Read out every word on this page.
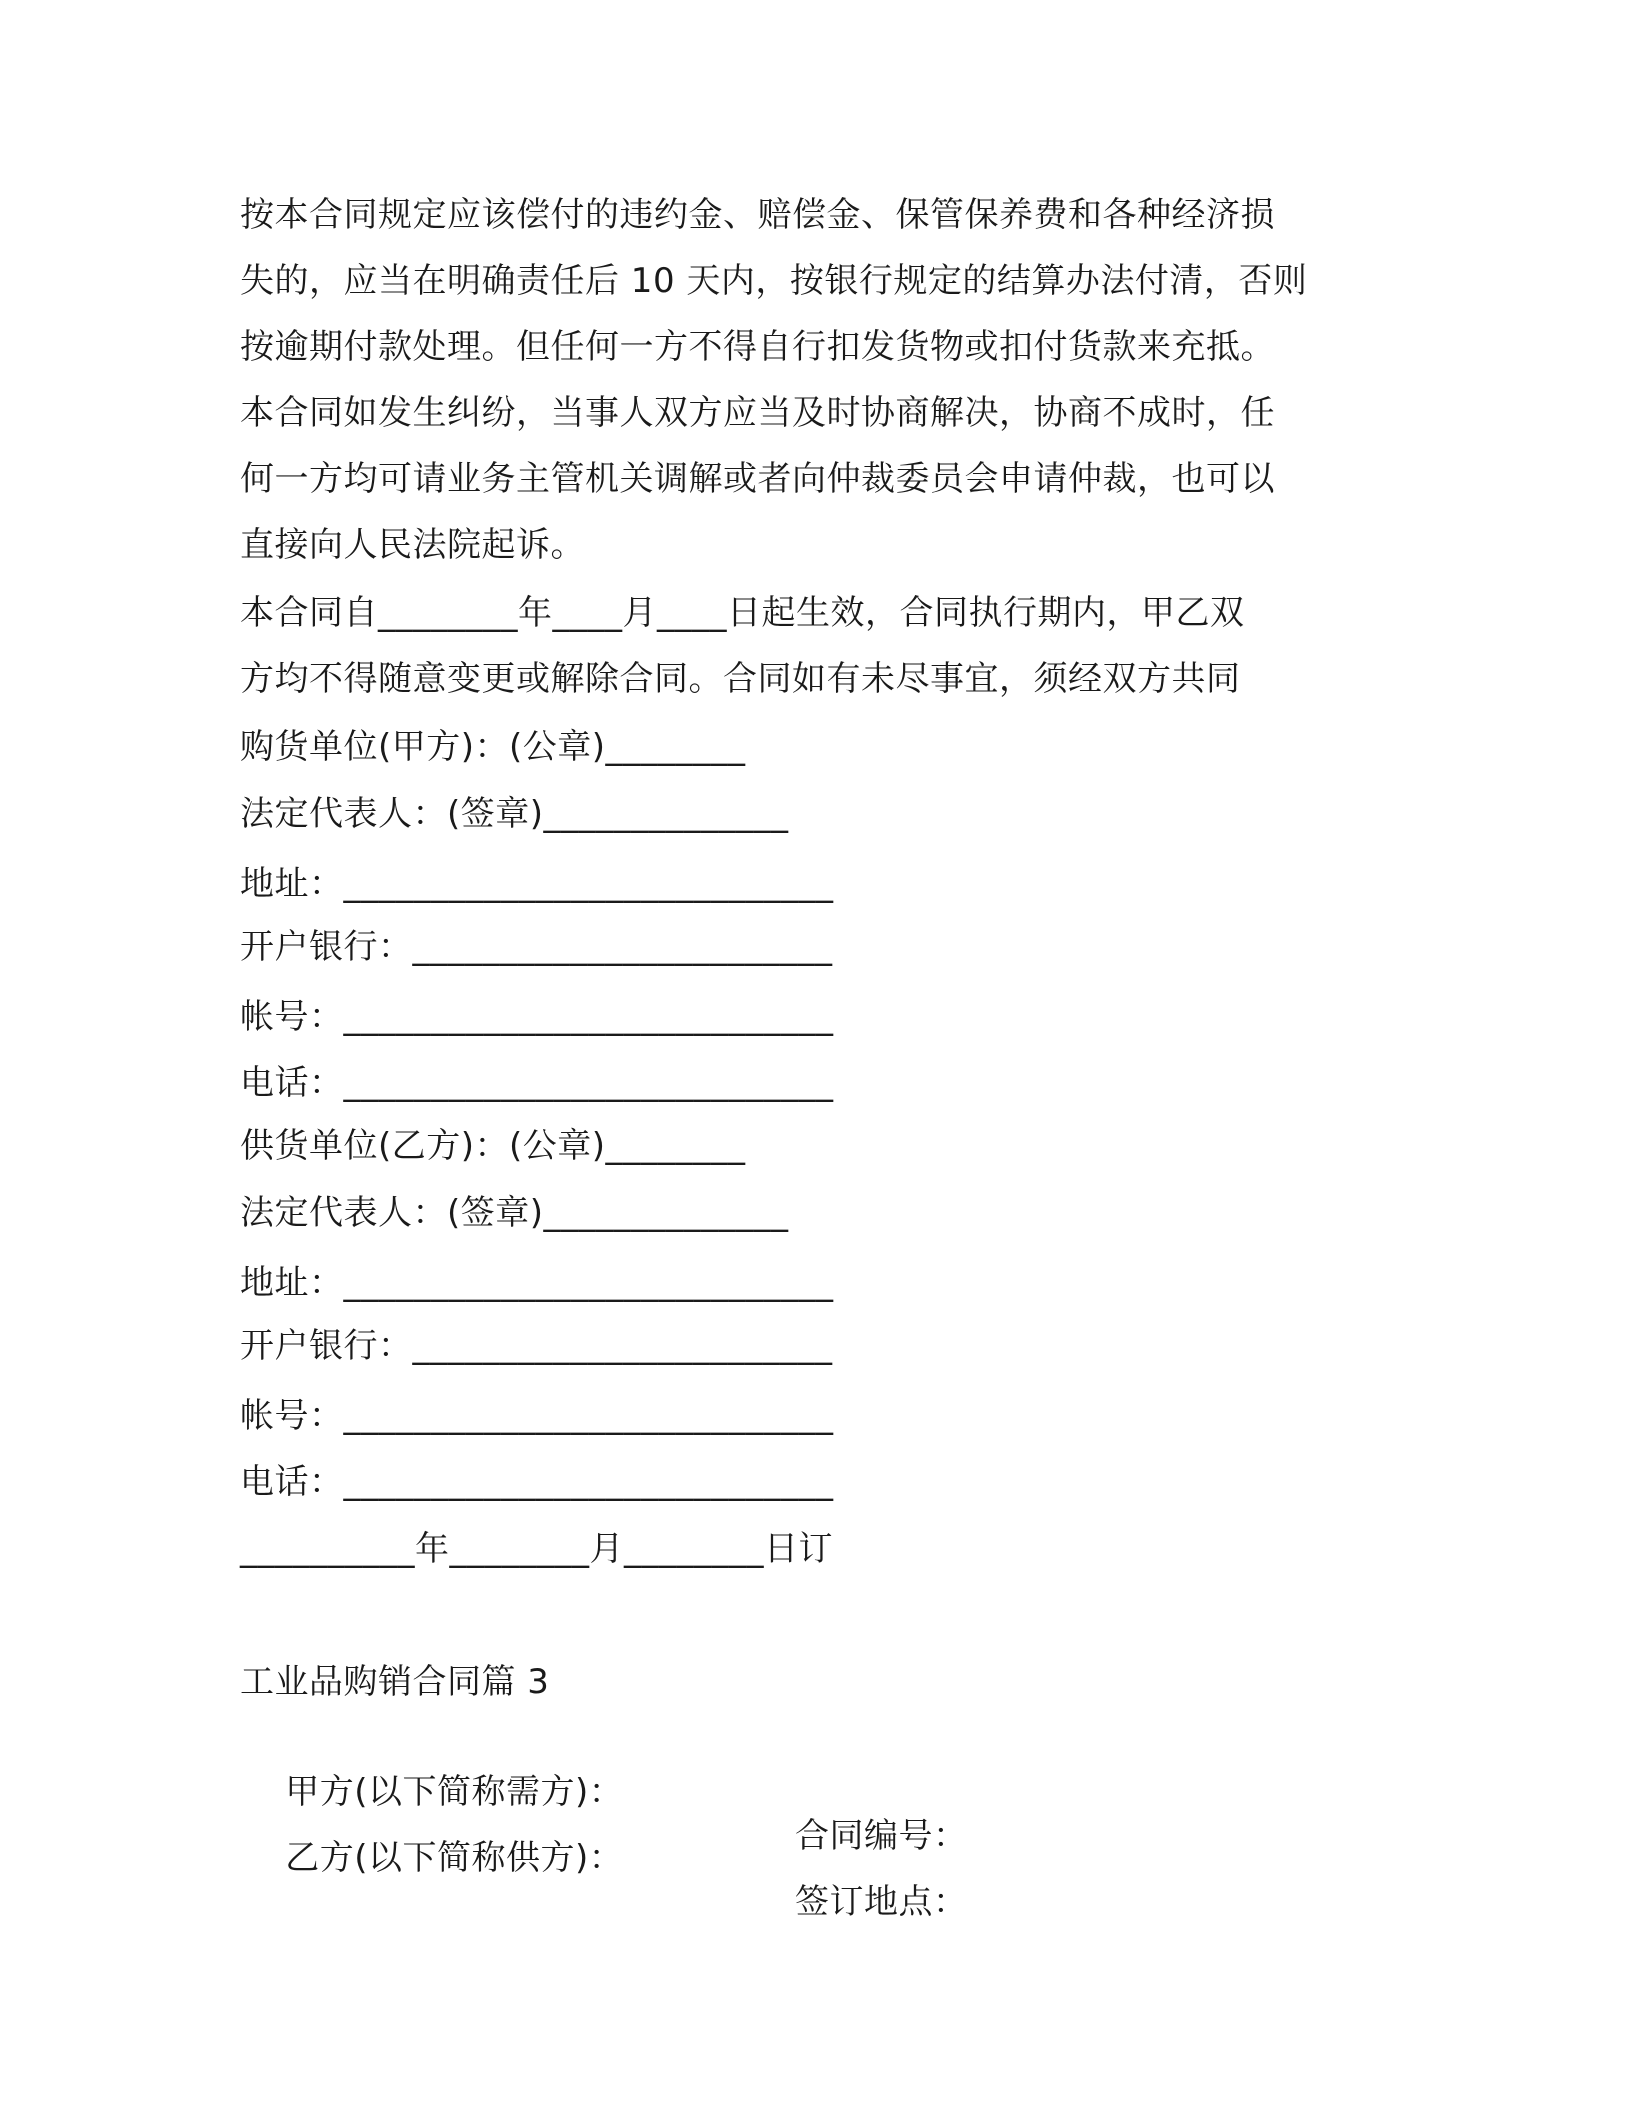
按本合同规定应该偿付的违约金、赔偿金、保管保养费和各种经济损
失的，应当在明确责任后 10 天内，按银行规定的结算办法付清，否则
按逾期付款处理。但任何一方不得自行扣发货物或扣付货款来充抵。
本合同如发生纠纷，当事人双方应当及时协商解决，协商不成时，任
何一方均可请业务主管机关调解或者向仲裁委员会申请仲裁，也可以
直接向人民法院起诉。
本合同自________年____月____日起生效，合同执行期内，甲乙双
方均不得随意变更或解除合同。合同如有未尽事宜，须经双方共同
购货单位(甲方)：(公章)________
法定代表人：(签章)______________
地址：____________________________
开户银行：________________________
帐号：____________________________
电话：____________________________
供货单位(乙方)：(公章)________
法定代表人：(签章)______________
地址：____________________________
开户银行：________________________
帐号：____________________________
电话：____________________________
__________年________月________日订
工业品购销合同篇 3

甲方(以下简称需方)：

合同编号：

乙方(以下简称供方)：

签订地点：
